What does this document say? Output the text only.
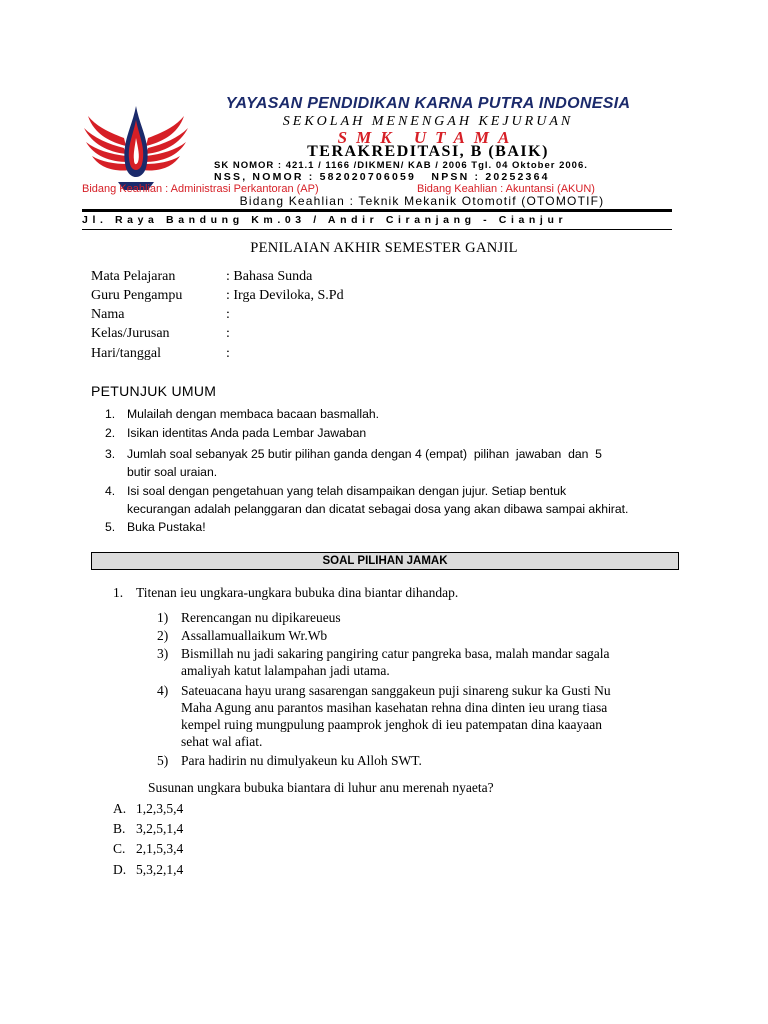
YAYASAN PENDIDIKAN KARNA PUTRA INDONESIA
SEKOLAH MENENGAH KEJURUAN
SMK UTAMA
TERAKREDITASI, B (BAIK)
SK NOMOR : 421.1 / 1166 /DIKMEN/ KAB / 2006 Tgl. 04 Oktober 2006.
NSS, NOMOR : 582020706059   NPSN : 20252364
Bidang Keahlian : Administrasi Perkantoran (AP)	Bidang Keahlian : Akuntansi (AKUN)
Bidang Keahlian : Teknik Mekanik Otomotif (OTOMOTIF)
Jl. Raya Bandung Km.03 / Andir Ciranjang - Cianjur
PENILAIAN AKHIR SEMESTER GANJIL
Mata Pelajaran	: Bahasa Sunda
Guru Pengampu	: Irga Deviloka, S.Pd
Nama	:
Kelas/Jurusan	:
Hari/tanggal	:
PETUNJUK UMUM
1. Mulailah dengan membaca bacaan basmallah.
2. Isikan identitas Anda pada Lembar Jawaban
3. Jumlah soal sebanyak 25 butir pilihan ganda dengan 4 (empat)  pilihan  jawaban  dan  5
butir soal uraian.
4. Isi soal dengan pengetahuan yang telah disampaikan dengan jujur. Setiap bentuk
kecurangan adalah pelanggaran dan dicatat sebagai dosa yang akan dibawa sampai akhirat.
5. Buka Pustaka!
SOAL PILIHAN JAMAK
1. Titenan ieu ungkara-ungkara bubuka dina biantar dihandap.
1) Rerencangan nu dipikareueus
2) Assallamuallaikum Wr.Wb
3) Bismillah nu jadi sakaring pangiring catur pangreka basa, malah mandar sagala
amaliyah katut lalampahan jadi utama.
4) Sateuacana hayu urang sasarengan sanggakeun puji sinareng sukur ka Gusti Nu
Maha Agung anu parantos masihan kasehatan rehna dina dinten ieu urang tiasa
kempel ruing mungpulung paamprok jenghok di ieu patempatan dina kaayaan
sehat wal afiat.
5) Para hadirin nu dimulyakeun ku Alloh SWT.
Susunan ungkara bubuka biantara di luhur anu merenah nyaeta?
A. 1,2,3,5,4
B. 3,2,5,1,4
C. 2,1,5,3,4
D. 5,3,2,1,4
